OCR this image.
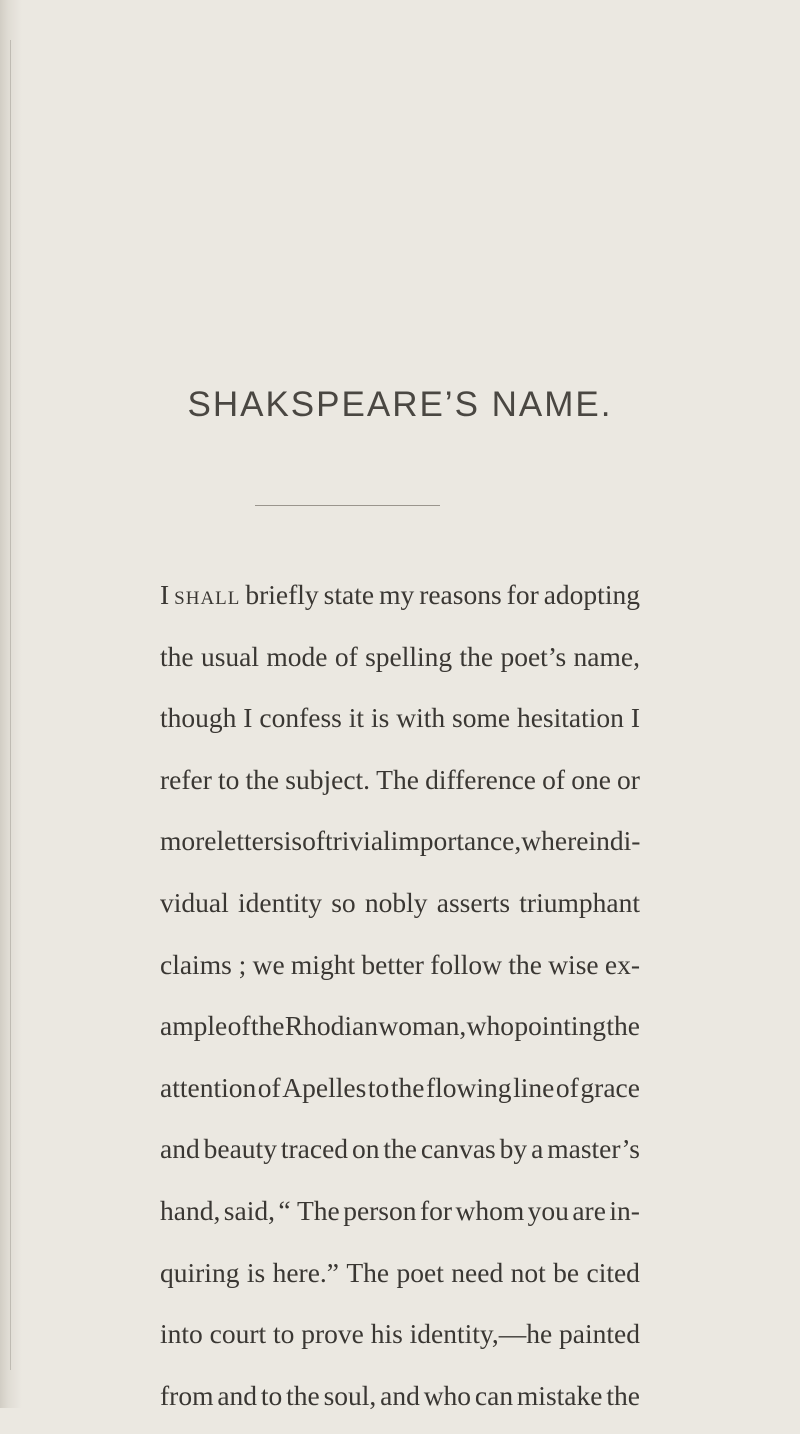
SHAKSPEARE’S NAME.
I shall briefly state my reasons for adopting
the usual mode of spelling the poet’s name,
though I confess it is with some hesitation I
refer to the subject. The difference of one or
more letters is of trivial importance, where indi-
vidual identity so nobly asserts triumphant
claims ; we might better follow the wise ex-
ample of the Rhodian woman, who pointing the
attention of Apelles to the flowing line of grace
and beauty traced on the canvas by a master’s
hand, said, “ The person for whom you are in-
quiring is here.” The poet need not be cited
into court to prove his identity,—he painted
from and to the soul, and who can mistake the
